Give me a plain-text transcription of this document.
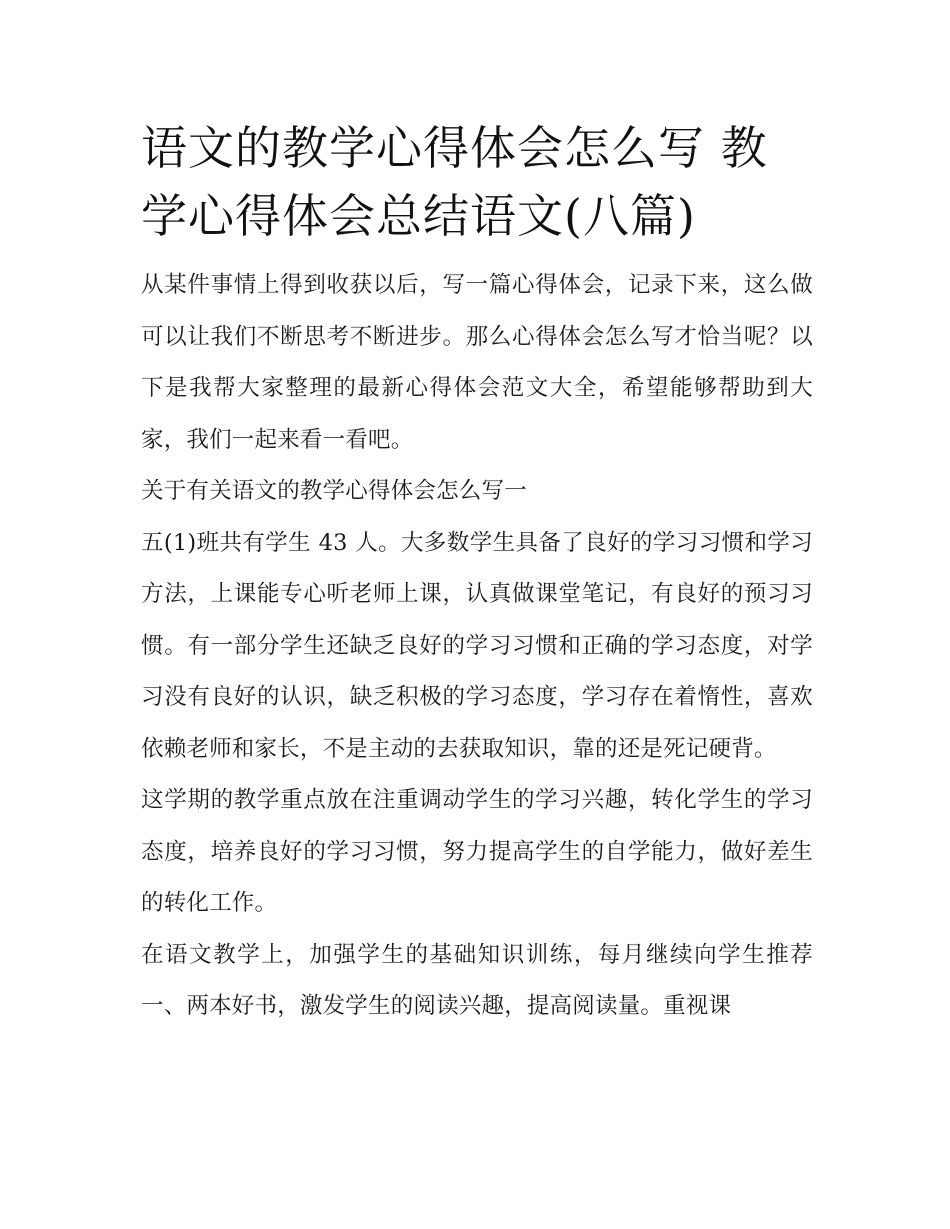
语文的教学心得体会怎么写 教学心得体会总结语文(八篇)

从某件事情上得到收获以后，写一篇心得体会，记录下来，这么做可以让我们不断思考不断进步。那么心得体会怎么写才恰当呢？以下是我帮大家整理的最新心得体会范文大全，希望能够帮助到大家，我们一起来看一看吧。

关于有关语文的教学心得体会怎么写一

五(1)班共有学生 43 人。大多数学生具备了良好的学习习惯和学习方法，上课能专心听老师上课，认真做课堂笔记，有良好的预习习惯。有一部分学生还缺乏良好的学习习惯和正确的学习态度，对学习没有良好的认识，缺乏积极的学习态度，学习存在着惰性，喜欢依赖老师和家长，不是主动的去获取知识，靠的还是死记硬背。

这学期的教学重点放在注重调动学生的学习兴趣，转化学生的学习态度，培养良好的学习习惯，努力提高学生的自学能力，做好差生的转化工作。

在语文教学上，加强学生的基础知识训练，每月继续向学生推荐一、两本好书，激发学生的阅读兴趣，提高阅读量。重视课
